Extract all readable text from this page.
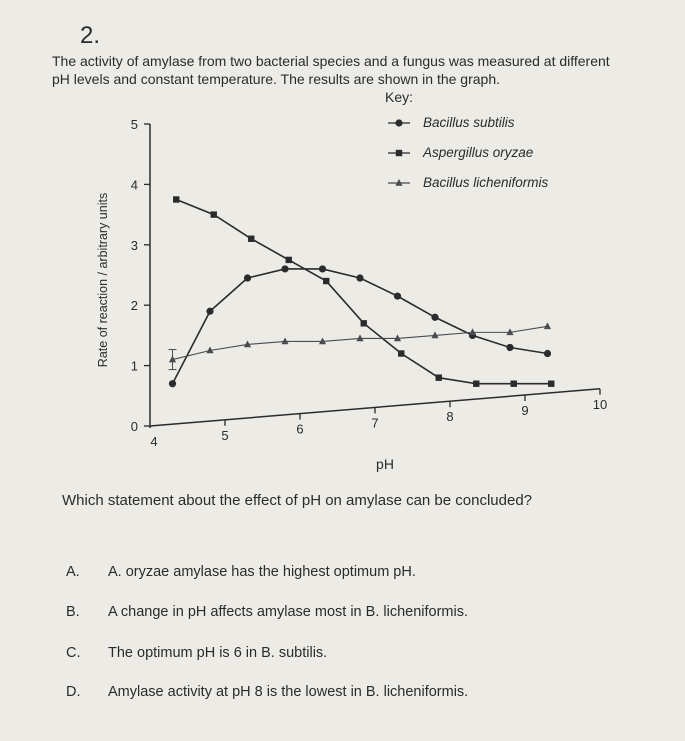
2.
The activity of amylase from two bacterial species and a fungus was measured at different
pH levels and constant temperature. The results are shown in the graph.
0
1
2
3
4
5
4	5	6	7	8	9	10
pH
Rate of reaction / arbitrary units
Key:
Bacillus subtilis
Aspergillus oryzae
Bacillus licheniformis
Which statement about the effect of pH on amylase can be concluded?
A. A. oryzae amylase has the highest optimum pH.
B. A change in pH affects amylase most in B. licheniformis.
C. The optimum pH is 6 in B. subtilis.
D. Amylase activity at pH 8 is the lowest in B. licheniformis.
